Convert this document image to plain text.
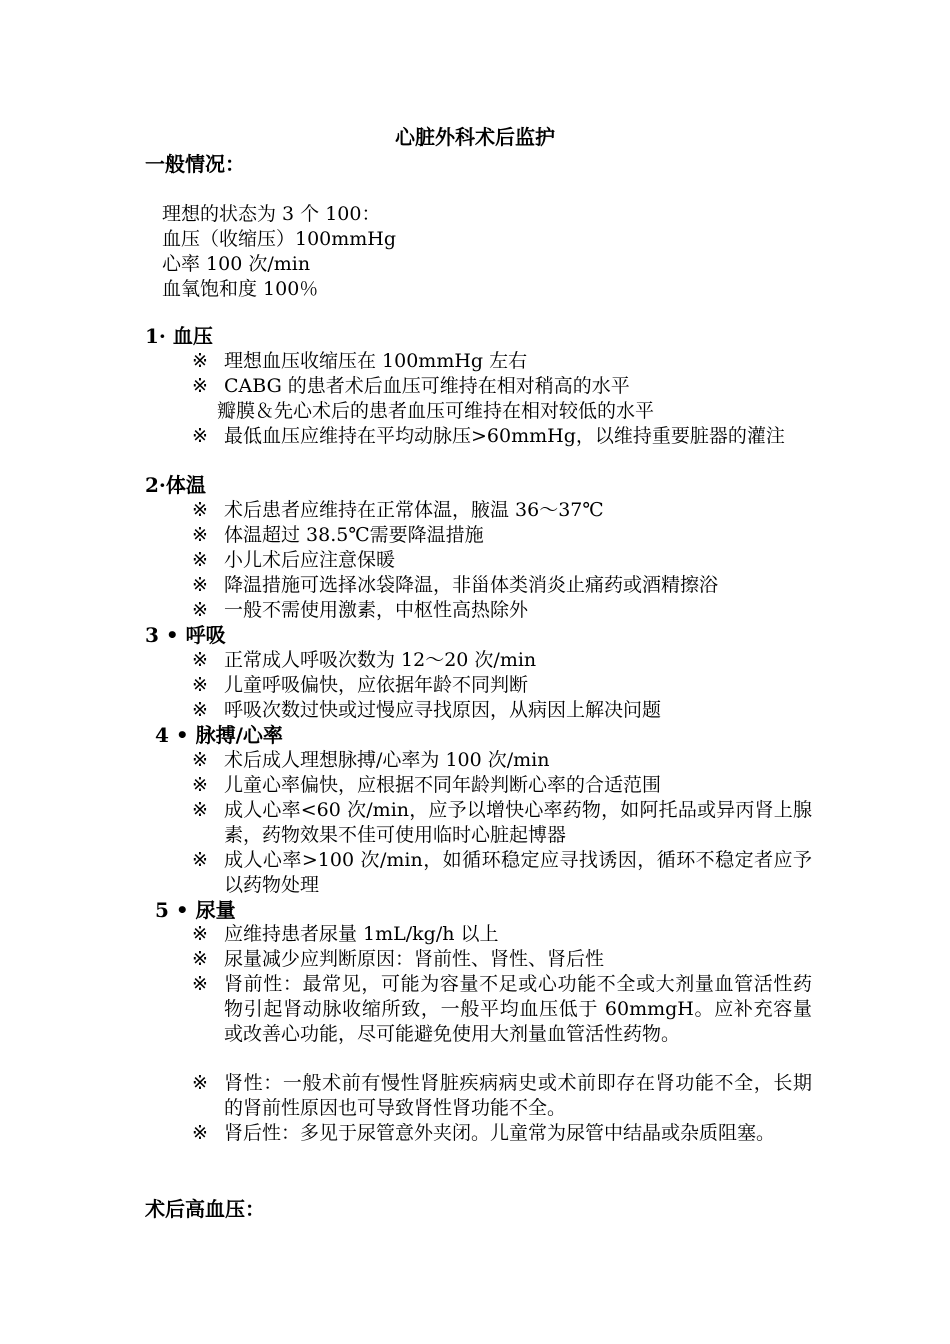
心脏外科术后监护
一般情况：
理想的状态为 3 个 100：
血压（收缩压）100mmHg
心率 100 次/min
血氧饱和度 100％
1· 血压
※ 理想血压收缩压在 100mmHg 左右
※ CABG 的患者术后血压可维持在相对稍高的水平
瓣膜＆先心术后的患者血压可维持在相对较低的水平
※ 最低血压应维持在平均动脉压>60mmHg，以维持重要脏器的灌注
2·体温
※ 术后患者应维持在正常体温，腋温 36～37℃
※ 体温超过 38.5℃需要降温措施
※ 小儿术后应注意保暖
※ 降温措施可选择冰袋降温，非甾体类消炎止痛药或酒精擦浴
※ 一般不需使用激素，中枢性高热除外
3 • 呼吸
※ 正常成人呼吸次数为 12～20 次/min
※ 儿童呼吸偏快，应依据年龄不同判断
※ 呼吸次数过快或过慢应寻找原因，从病因上解决问题
4 • 脉搏/心率
※ 术后成人理想脉搏/心率为 100 次/min
※ 儿童心率偏快，应根据不同年龄判断心率的合适范围
※ 成人心率<60 次/min，应予以增快心率药物，如阿托品或异丙肾上腺素，药物效果不佳可使用临时心脏起博器
※ 成人心率>100 次/min，如循环稳定应寻找诱因，循环不稳定者应予以药物处理
5 • 尿量
※ 应维持患者尿量 1mL/kg/h 以上
※ 尿量减少应判断原因：肾前性、肾性、肾后性
※ 肾前性：最常见，可能为容量不足或心功能不全或大剂量血管活性药物引起肾动脉收缩所致，一般平均血压低于 60mmgH。应补充容量或改善心功能，尽可能避免使用大剂量血管活性药物。
※ 肾性：一般术前有慢性肾脏疾病病史或术前即存在肾功能不全，长期的肾前性原因也可导致肾性肾功能不全。
※ 肾后性：多见于尿管意外夹闭。儿童常为尿管中结晶或杂质阻塞。
术后高血压：
